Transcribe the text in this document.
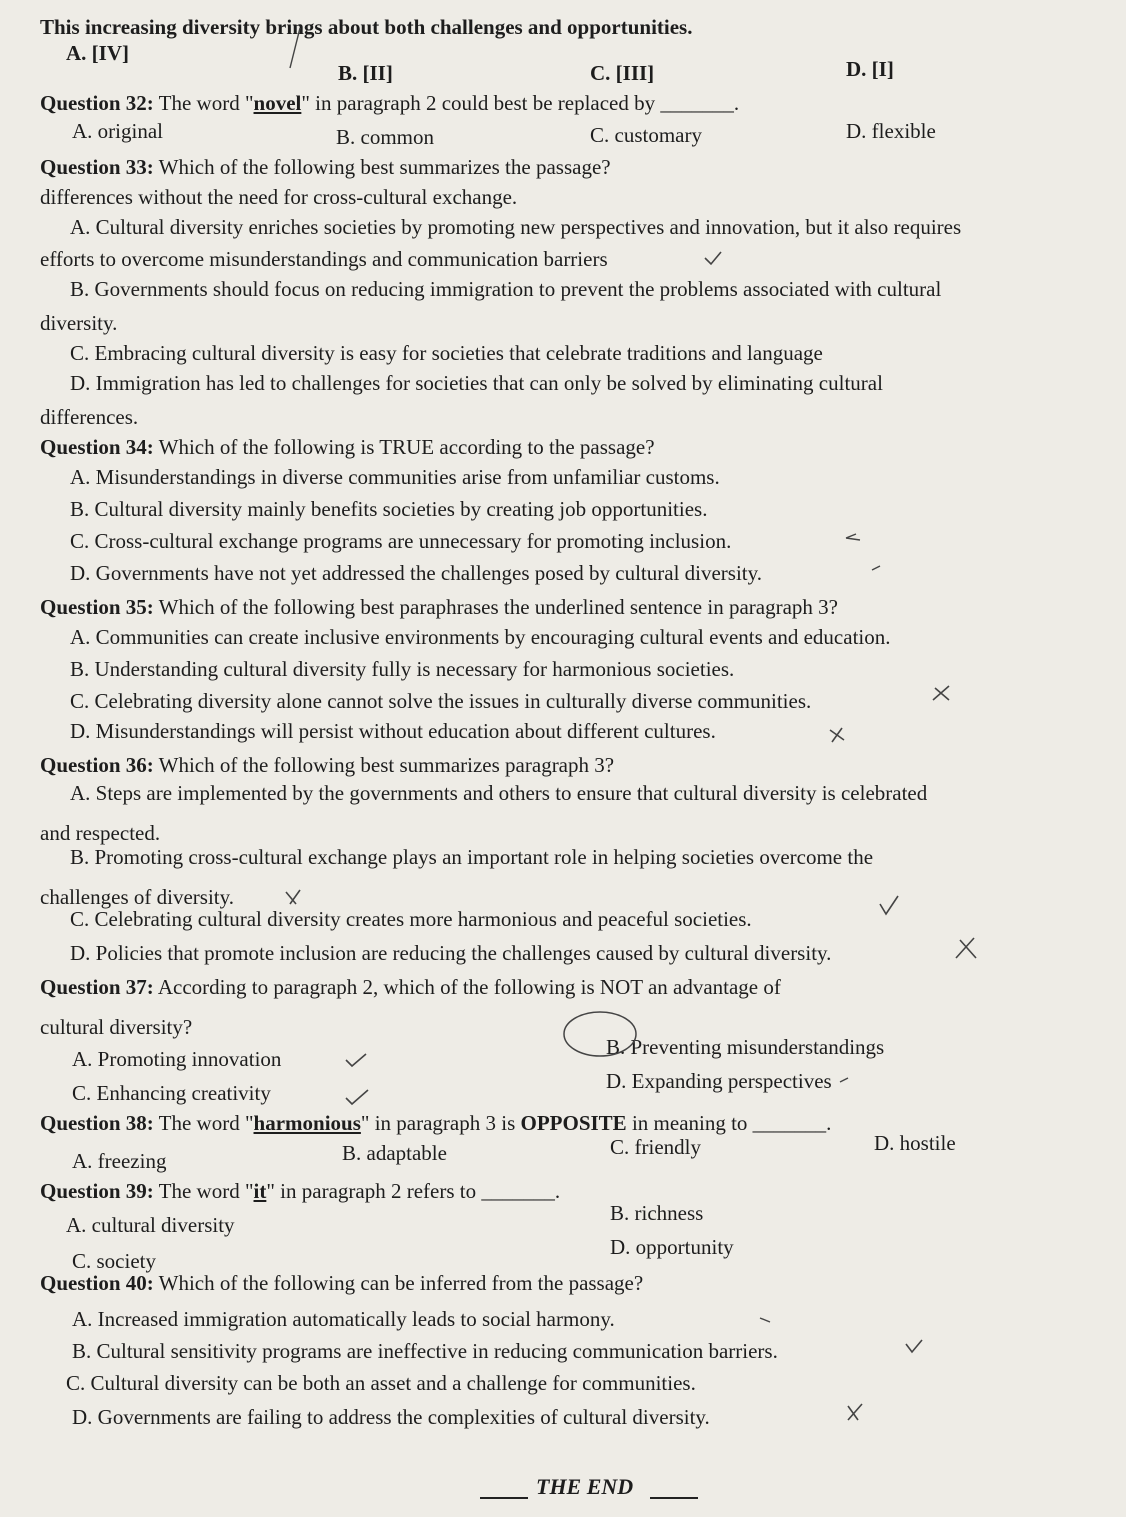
This increasing diversity brings about both challenges and opportunities.
A. [IV]
B. [II]	C. [III]	D. [I]
Question 32: The word "novel" in paragraph 2 could best be replaced by _______.
A. original	B. common	C. customary	D. flexible
Question 33: Which of the following best summarizes the passage?
differences without the need for cross-cultural exchange.
A. Cultural diversity enriches societies by promoting new perspectives and innovation, but it also requires
efforts to overcome misunderstandings and communication barriers
B. Governments should focus on reducing immigration to prevent the problems associated with cultural
diversity.
C. Embracing cultural diversity is easy for societies that celebrate traditions and language
D. Immigration has led to challenges for societies that can only be solved by eliminating cultural
differences.
Question 34: Which of the following is TRUE according to the passage?
A. Misunderstandings in diverse communities arise from unfamiliar customs.
B. Cultural diversity mainly benefits societies by creating job opportunities.
C. Cross-cultural exchange programs are unnecessary for promoting inclusion.
D. Governments have not yet addressed the challenges posed by cultural diversity.
Question 35: Which of the following best paraphrases the underlined sentence in paragraph 3?
A. Communities can create inclusive environments by encouraging cultural events and education.
B. Understanding cultural diversity fully is necessary for harmonious societies.
C. Celebrating diversity alone cannot solve the issues in culturally diverse communities.
D. Misunderstandings will persist without education about different cultures.
Question 36: Which of the following best summarizes paragraph 3?
A. Steps are implemented by the governments and others to ensure that cultural diversity is celebrated
and respected.
B. Promoting cross-cultural exchange plays an important role in helping societies overcome the
challenges of diversity.
C. Celebrating cultural diversity creates more harmonious and peaceful societies.
D. Policies that promote inclusion are reducing the challenges caused by cultural diversity.
Question 37: According to paragraph 2, which of the following is NOT an advantage of
cultural diversity?
A. Promoting innovation	B. Preventing misunderstandings
C. Enhancing creativity	D. Expanding perspectives
Question 38: The word "harmonious" in paragraph 3 is OPPOSITE in meaning to _______.
A. freezing	B. adaptable	C. friendly	D. hostile
Question 39: The word "it" in paragraph 2 refers to _______.
A. cultural diversity	B. richness
C. society
D. opportunity
Question 40: Which of the following can be inferred from the passage?
A. Increased immigration automatically leads to social harmony.
B. Cultural sensitivity programs are ineffective in reducing communication barriers.
C. Cultural diversity can be both an asset and a challenge for communities.
D. Governments are failing to address the complexities of cultural diversity.
THE END
